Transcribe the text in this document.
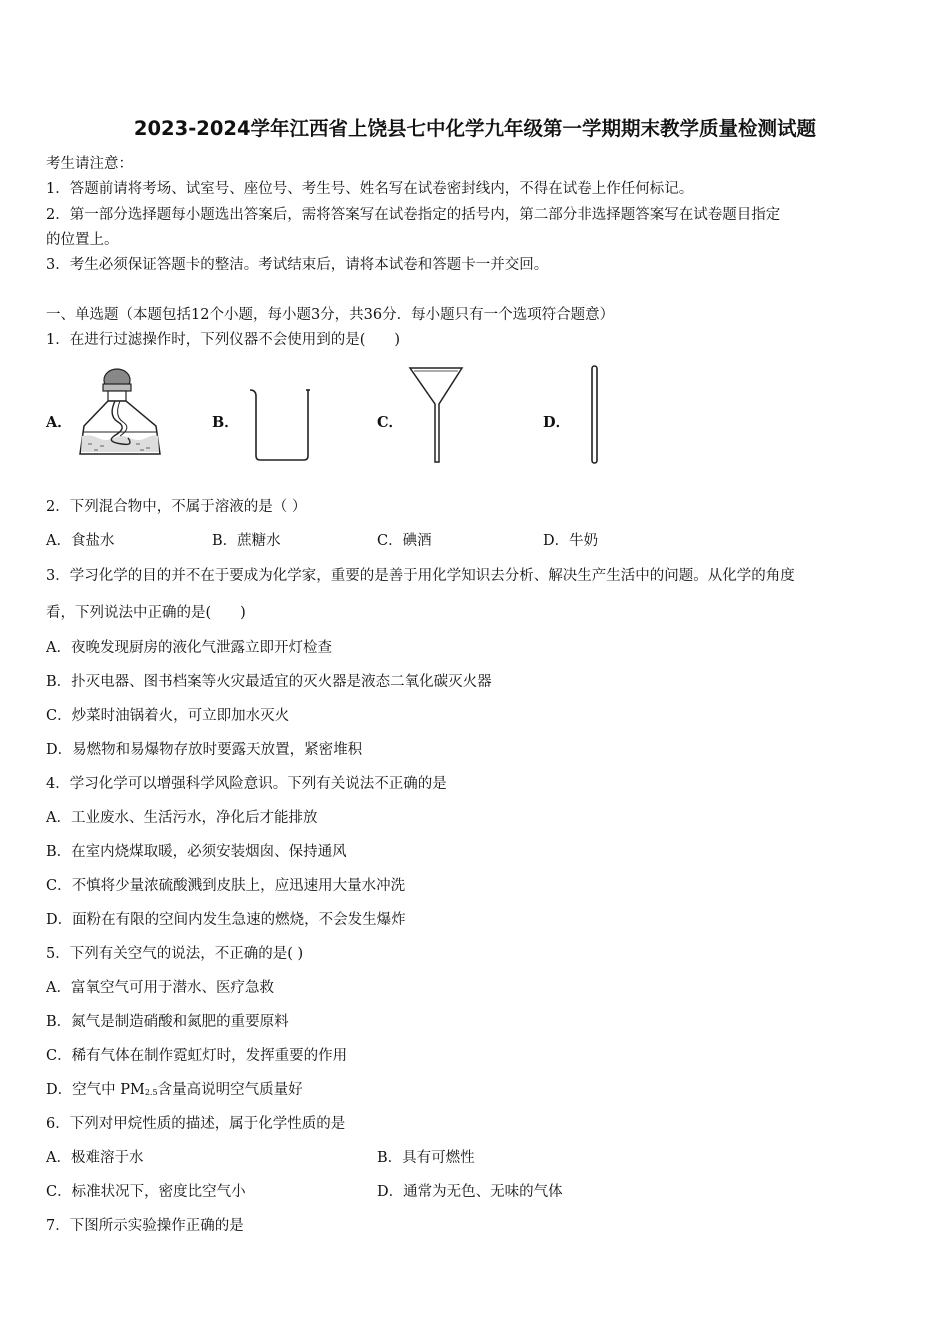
2023-2024学年江西省上饶县七中化学九年级第一学期期末教学质量检测试题
考生请注意：
1．答题前请将考场、试室号、座位号、考生号、姓名写在试卷密封线内，不得在试卷上作任何标记。
2．第一部分选择题每小题选出答案后，需将答案写在试卷指定的括号内，第二部分非选择题答案写在试卷题目指定
的位置上。
3．考生必须保证答题卡的整洁。考试结束后，请将本试卷和答题卡一并交回。
一、单选题（本题包括12个小题，每小题3分，共36分．每小题只有一个选项符合题意）
1．在进行过滤操作时，下列仪器不会使用到的是(　　)
A．	B．	C．	D．
2．下列混合物中，不属于溶液的是（ ）
A．食盐水	B．蔗糖水	C．碘酒	D．牛奶
3．学习化学的目的并不在于要成为化学家，重要的是善于用化学知识去分析、解决生产生活中的问题。从化学的角度
看，下列说法中正确的是(　　)
A．夜晚发现厨房的液化气泄露立即开灯检查
B．扑灭电器、图书档案等火灾最适宜的灭火器是液态二氧化碳灭火器
C．炒菜时油锅着火，可立即加水灭火
D．易燃物和易爆物存放时要露天放置，紧密堆积
4．学习化学可以增强科学风险意识。下列有关说法不正确的是
A．工业废水、生活污水，净化后才能排放
B．在室内烧煤取暖，必须安装烟囱、保持通风
C．不慎将少量浓硫酸溅到皮肤上，应迅速用大量水冲洗
D．面粉在有限的空间内发生急速的燃烧，不会发生爆炸
5．下列有关空气的说法，不正确的是( )
A．富氧空气可用于潜水、医疗急救
B．氮气是制造硝酸和氮肥的重要原料
C．稀有气体在制作霓虹灯时，发挥重要的作用
D．空气中 $PM_{2.5}$含量高说明空气质量好
6．下列对甲烷性质的描述，属于化学性质的是
A．极难溶于水	B．具有可燃性
C．标准状况下，密度比空气小	D．通常为无色、无味的气体
7．下图所示实验操作正确的是
